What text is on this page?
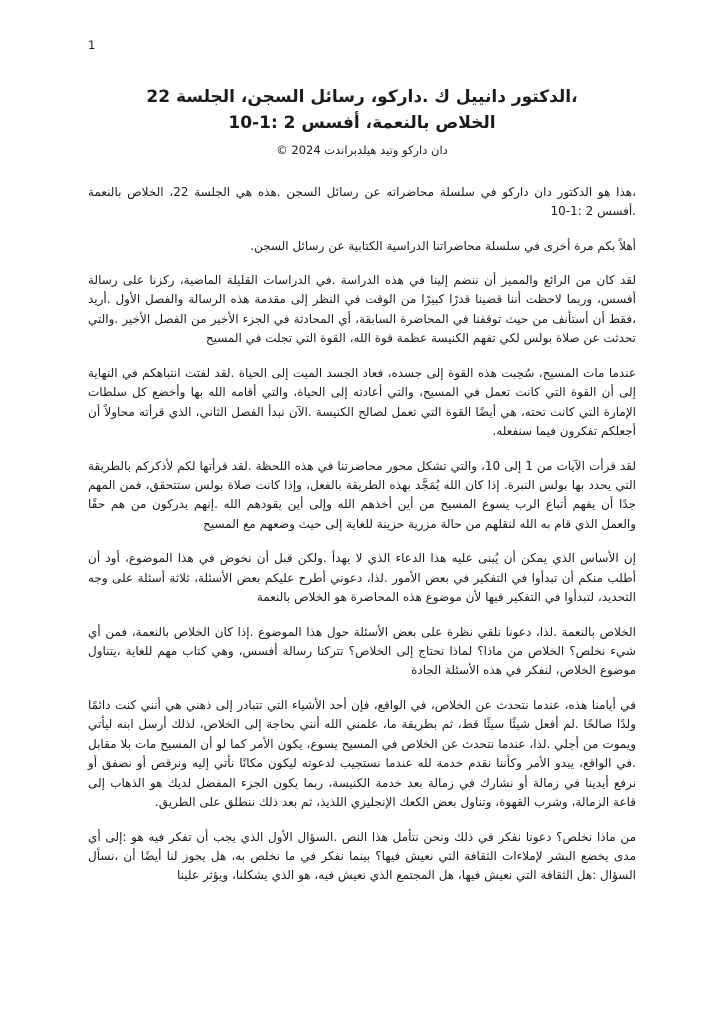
1
،الدكتور دانييل ك .داركو، رسائل السجن، الجلسة 22
الخلاص بالنعمة، أفسس 2 :1-10
دان داركو وتيد هيلدبراندت 2024 ©

،هذا هو الدكتور دان داركو في سلسلة محاضراته عن رسائل السجن .هذه هي الجلسة 22، الخلاص بالنعمة .أفسس 2 :1-10

أهلاً بكم مرة أخرى في سلسلة محاضراتنا الدراسية الكتابية عن رسائل السجن.

لقد كان من الرائع والمميز أن ننضم إلينا في هذه الدراسة .في الدراسات القليلة الماضية، ركزنا على رسالة أفسس، وربما لاحظت أننا قضينا قدرًا كبيرًا من الوقت في النظر إلى مقدمة هذه الرسالة والفصل الأول .أريد ،فقط أن أستأنف من حيث توقفنا في المحاضرة السابقة، أي المحادثة في الجزء الأخير من الفصل الأخير .والتي تحدثت عن صلاة بولس لكي تفهم الكنيسة عظمة قوة الله، القوة التي تجلت في المسيح

عندما مات المسيح، سُحِبت هذه القوة إلى جسده، فعاد الجسد الميت إلى الحياة .لقد لفتت انتباهكم في النهاية إلى أن القوة التي كانت تعمل في المسيح، والتي أعادته إلى الحياة، والتي أقامه الله بها وأخضع كل سلطات الإمارة التي كانت تحته، هي أيضًا القوة التي تعمل لصالح الكنيسة .الآن نبدأ الفصل الثاني، الذي قرأته محاولاً أن أجعلكم تفكرون فيما سنفعله.

لقد قرأت الآيات من 1 إلى 10، والتي تشكل محور محاضرتنا في هذه اللحظة .لقد قرأتها لكم لأذكركم بالطريقة التي يحدد بها بولس النبرة. إذا كان الله يُمَجَّد بهذه الطريقة بالفعل، وإذا كانت صلاة بولس ستتحقق، فمن المهم جدًا أن يفهم أتباع الرب يسوع المسيح من أين أخذهم الله وإلى أين يقودهم الله .إنهم يدركون من هم حقًا والعمل الذي قام به الله لنقلهم من حالة مزرية حزينة للغاية إلى حيث وضعهم مع المسيح

إن الأساس الذي يمكن أن يُبنى عليه هذا الدعاء الذي لا يهدأ .ولكن قبل أن نخوض في هذا الموضوع، أود أن أطلب منكم أن تبدأوا في التفكير في بعض الأمور .لذا، دعوني أطرح عليكم بعض الأسئلة، ثلاثة أسئلة على وجه التحديد، لتبدأوا في التفكير فيها لأن موضوع هذه المحاضرة هو الخلاص بالنعمة

الخلاص بالنعمة .لذا، دعونا نلقي نظرة على بعض الأسئلة حول هذا الموضوع .إذا كان الخلاص بالنعمة، فمن أي شيء نخلص؟ الخلاص من ماذا؟ لماذا نحتاج إلى الخلاص؟ تتركنا رسالة أفسس، وهي كتاب مهم للغاية ،يتناول موضوع الخلاص، لنفكر في هذه الأسئلة الجادة

في أيامنا هذه، عندما نتحدث عن الخلاص، في الواقع، فإن أحد الأشياء التي تتبادر إلى ذهني هي أنني كنت دائمًا ولدًا صالحًا .لم أفعل شيئًا سيئًا قط، ثم بطريقة ما، علمني الله أنني بحاجة إلى الخلاص، لذلك أرسل ابنه ليأتي ويموت من أجلي .لذا، عندما نتحدث عن الخلاص في المسيح يسوع، يكون الأمر كما لو أن المسيح مات بلا مقابل .في الواقع، يبدو الأمر وكأننا نقدم خدمة لله عندما نستجيب لدعوته ليكون مكانًا نأتي إليه ونرقص أو نصفق أو نرفع أيدينا في زمالة أو نشارك في زمالة بعد خدمة الكنيسة، ربما يكون الجزء المفضل لديك هو الذهاب إلى قاعة الزمالة، وشرب القهوة، وتناول بعض الكعك الإنجليزي اللذيذ، ثم بعد ذلك ننطلق على الطريق.

من ماذا نخلص؟ دعونا نفكر في ذلك ونحن نتأمل هذا النص .السؤال الأول الذي يجب أن تفكر فيه هو :إلى أي مدى يخضع البشر لإملاءات الثقافة التي نعيش فيها؟ بينما نفكر في ما نخلص به، هل يجوز لنا أيضًا أن ،نسأل السؤال :هل الثقافة التي نعيش فيها، هل المجتمع الذي نعيش فيه، هو الذي يشكلنا، ويؤثر علينا
